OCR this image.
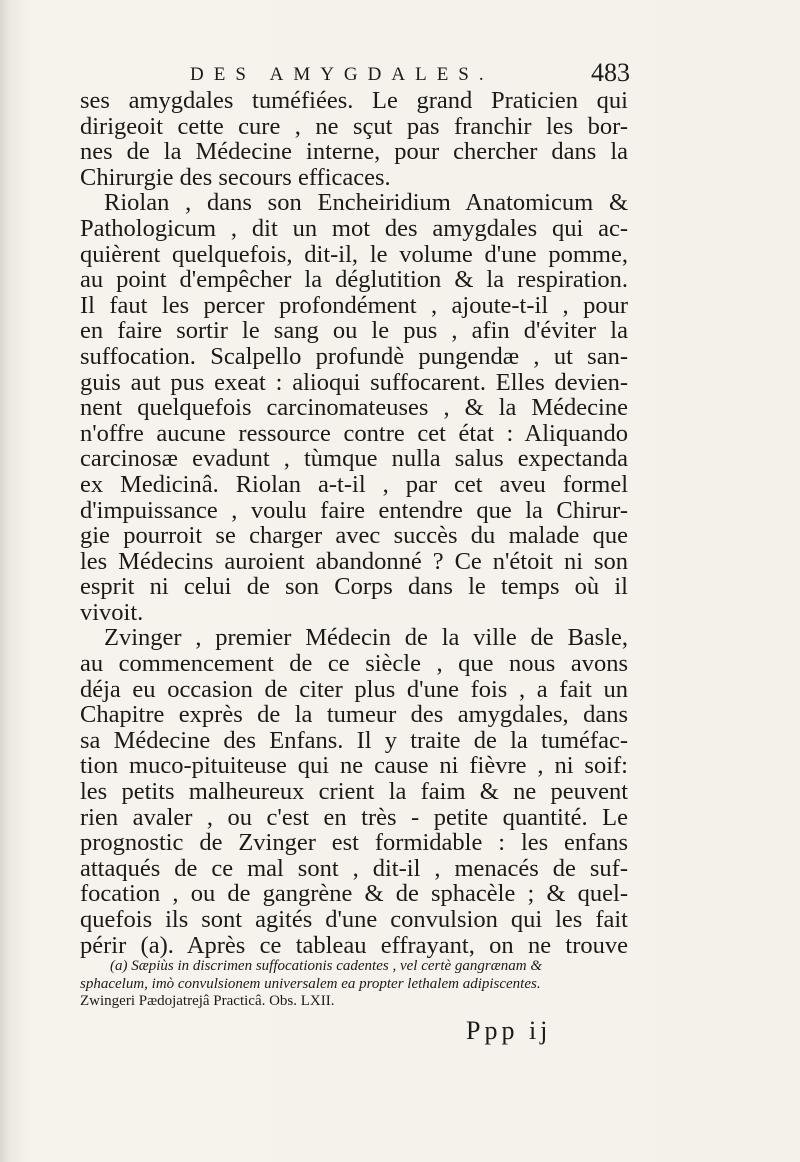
DES AMYGDALES.	483
ses amygdales tuméfiées. Le grand Praticien qui
dirigeoit cette cure , ne sçut pas franchir les bor-
nes de la Médecine interne, pour chercher dans la
Chirurgie des secours efficaces.
Riolan , dans son Encheiridium Anatomicum &
Pathologicum , dit un mot des amygdales qui ac-
quièrent quelquefois, dit-il, le volume d'une pomme,
au point d'empêcher la déglutition & la respiration.
Il faut les percer profondément , ajoute-t-il , pour
en faire sortir le sang ou le pus , afin d'éviter la
suffocation. Scalpello profundè pungendæ , ut san-
guis aut pus exeat : alioqui suffocarent. Elles devien-
nent quelquefois carcinomateuses , & la Médecine
n'offre aucune ressource contre cet état : Aliquando
carcinosæ evadunt , tùmque nulla salus expectanda
ex Medicinâ. Riolan a-t-il , par cet aveu formel
d'impuissance , voulu faire entendre que la Chirur-
gie pourroit se charger avec succès du malade que
les Médecins auroient abandonné ? Ce n'étoit ni son
esprit ni celui de son Corps dans le temps où il
vivoit.
Zvinger , premier Médecin de la ville de Basle,
au commencement de ce siècle , que nous avons
déja eu occasion de citer plus d'une fois , a fait un
Chapitre exprès de la tumeur des amygdales, dans
sa Médecine des Enfans. Il y traite de la tuméfac-
tion muco-pituiteuse qui ne cause ni fièvre , ni soif:
les petits malheureux crient la faim & ne peuvent
rien avaler , ou c'est en très - petite quantité. Le
prognostic de Zvinger est formidable : les enfans
attaqués de ce mal sont , dit-il , menacés de suf-
focation , ou de gangrène & de sphacèle ; & quel-
quefois ils sont agités d'une convulsion qui les fait
périr (a). Après ce tableau effrayant, on ne trouve
(a) Sæpiùs in discrimen suffocationis cadentes , vel certè gangrænam &
sphacelum, imò convulsionem universalem ea propter lethalem adipiscentes.
Zwingeri Pædojatrejâ Practicâ. Obs. LXII.
Ppp ij
